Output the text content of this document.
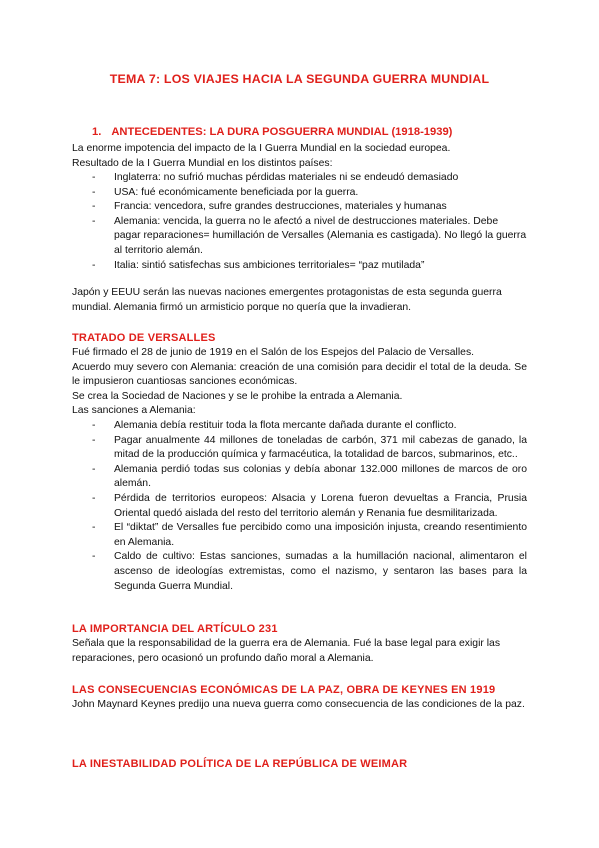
TEMA 7: LOS VIAJES HACIA LA SEGUNDA GUERRA MUNDIAL
1. ANTECEDENTES: LA DURA POSGUERRA MUNDIAL (1918-1939)
La enorme impotencia del impacto de la I Guerra Mundial en la sociedad europea.
Resultado de la I Guerra Mundial en los distintos países:
- Inglaterra: no sufrió muchas pérdidas materiales ni se endeudó demasiado
- USA: fué económicamente beneficiada por la guerra.
- Francia: vencedora, sufre grandes destrucciones, materiales y humanas
- Alemania: vencida, la guerra no le afectó a nivel de destrucciones materiales. Debe pagar reparaciones= humillación de Versalles (Alemania es castigada). No llegó la guerra al territorio alemán.
- Italia: sintió satisfechas sus ambiciones territoriales= “paz mutilada”
Japón y EEUU serán las nuevas naciones emergentes protagonistas de esta segunda guerra mundial. Alemania firmó un armisticio porque no quería que la invadieran.
TRATADO DE VERSALLES
Fué firmado el 28 de junio de 1919 en el Salón de los Espejos del Palacio de Versalles.
Acuerdo muy severo con Alemania: creación de una comisión para decidir el total de la deuda. Se le impusieron cuantiosas sanciones económicas.
Se crea la Sociedad de Naciones y se le prohibe la entrada a Alemania.
Las sanciones a Alemania:
- Alemania debía restituir toda la flota mercante dañada durante el conflicto.
- Pagar anualmente 44 millones de toneladas de carbón, 371 mil cabezas de ganado, la mitad de la producción química y farmacéutica, la totalidad de barcos, submarinos, etc..
- Alemania perdió todas sus colonias y debía abonar 132.000 millones de marcos de oro alemán.
- Pérdida de territorios europeos: Alsacia y Lorena fueron devueltas a Francia, Prusia Oriental quedó aislada del resto del territorio alemán y Renania fue desmilitarizada.
- El “diktat” de Versalles fue percibido como una imposición injusta, creando resentimiento en Alemania.
- Caldo de cultivo: Estas sanciones, sumadas a la humillación nacional, alimentaron el ascenso de ideologías extremistas, como el nazismo, y sentaron las bases para la Segunda Guerra Mundial.
LA IMPORTANCIA DEL ARTÍCULO 231
Señala que la responsabilidad de la guerra era de Alemania. Fué la base legal para exigir las reparaciones, pero ocasionó un profundo daño moral a Alemania.
LAS CONSECUENCIAS ECONÓMICAS DE LA PAZ, OBRA DE KEYNES EN 1919
John Maynard Keynes predijo una nueva guerra como consecuencia de las condiciones de la paz.
LA INESTABILIDAD POLÍTICA DE LA REPÚBLICA DE WEIMAR
